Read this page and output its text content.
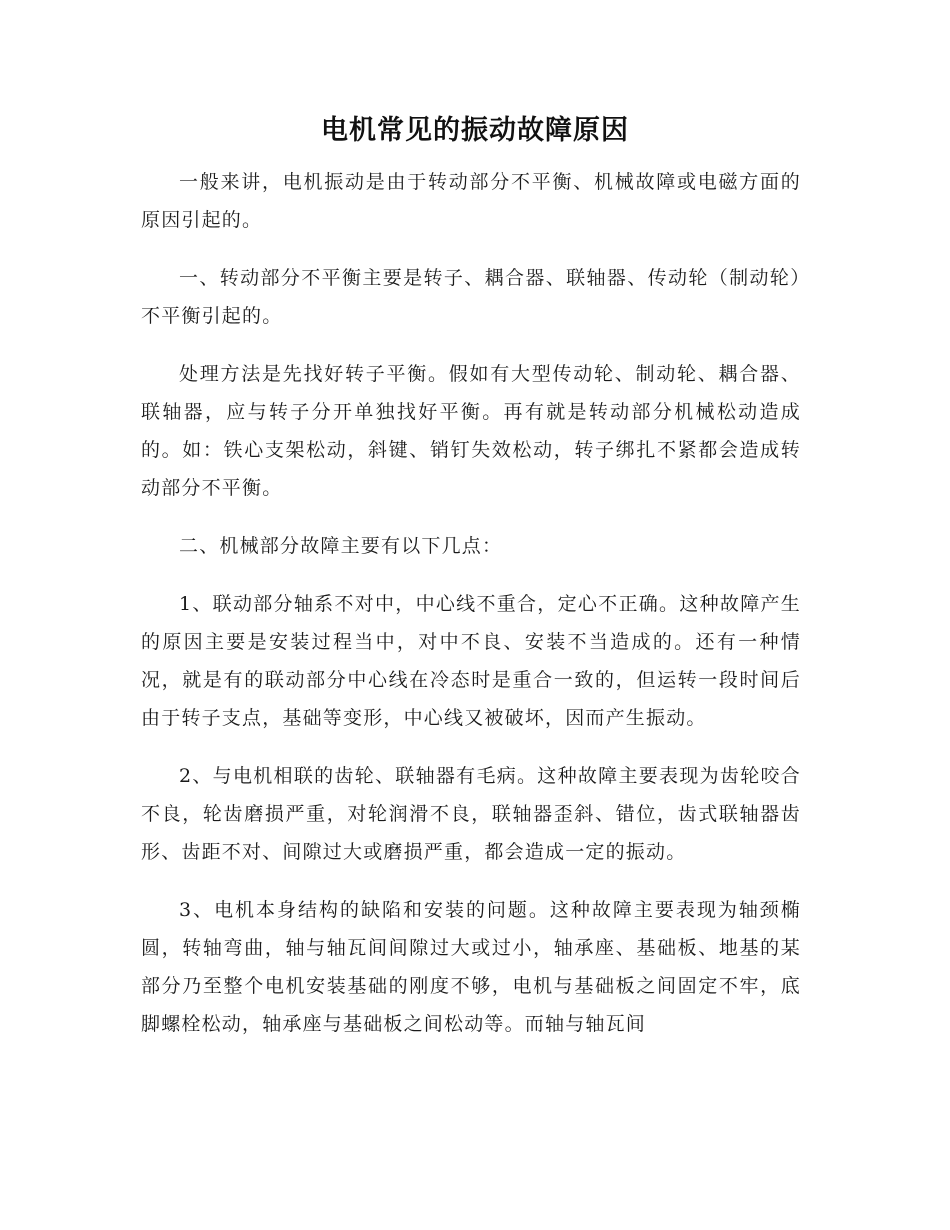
电机常见的振动故障原因

一般来讲，电机振动是由于转动部分不平衡、机械故障或电磁方面的原因引起的。

一、转动部分不平衡主要是转子、耦合器、联轴器、传动轮（制动轮）不平衡引起的。

处理方法是先找好转子平衡。假如有大型传动轮、制动轮、耦合器、联轴器，应与转子分开单独找好平衡。再有就是转动部分机械松动造成的。如：铁心支架松动，斜键、销钉失效松动，转子绑扎不紧都会造成转动部分不平衡。

二、机械部分故障主要有以下几点：

1、联动部分轴系不对中，中心线不重合，定心不正确。这种故障产生的原因主要是安装过程当中，对中不良、安装不当造成的。还有一种情况，就是有的联动部分中心线在冷态时是重合一致的，但运转一段时间后由于转子支点，基础等变形，中心线又被破坏，因而产生振动。

2、与电机相联的齿轮、联轴器有毛病。这种故障主要表现为齿轮咬合不良，轮齿磨损严重，对轮润滑不良，联轴器歪斜、错位，齿式联轴器齿形、齿距不对、间隙过大或磨损严重，都会造成一定的振动。

3、电机本身结构的缺陷和安装的问题。这种故障主要表现为轴颈椭圆，转轴弯曲，轴与轴瓦间间隙过大或过小，轴承座、基础板、地基的某部分乃至整个电机安装基础的刚度不够，电机与基础板之间固定不牢，底脚螺栓松动，轴承座与基础板之间松动等。而轴与轴瓦间
